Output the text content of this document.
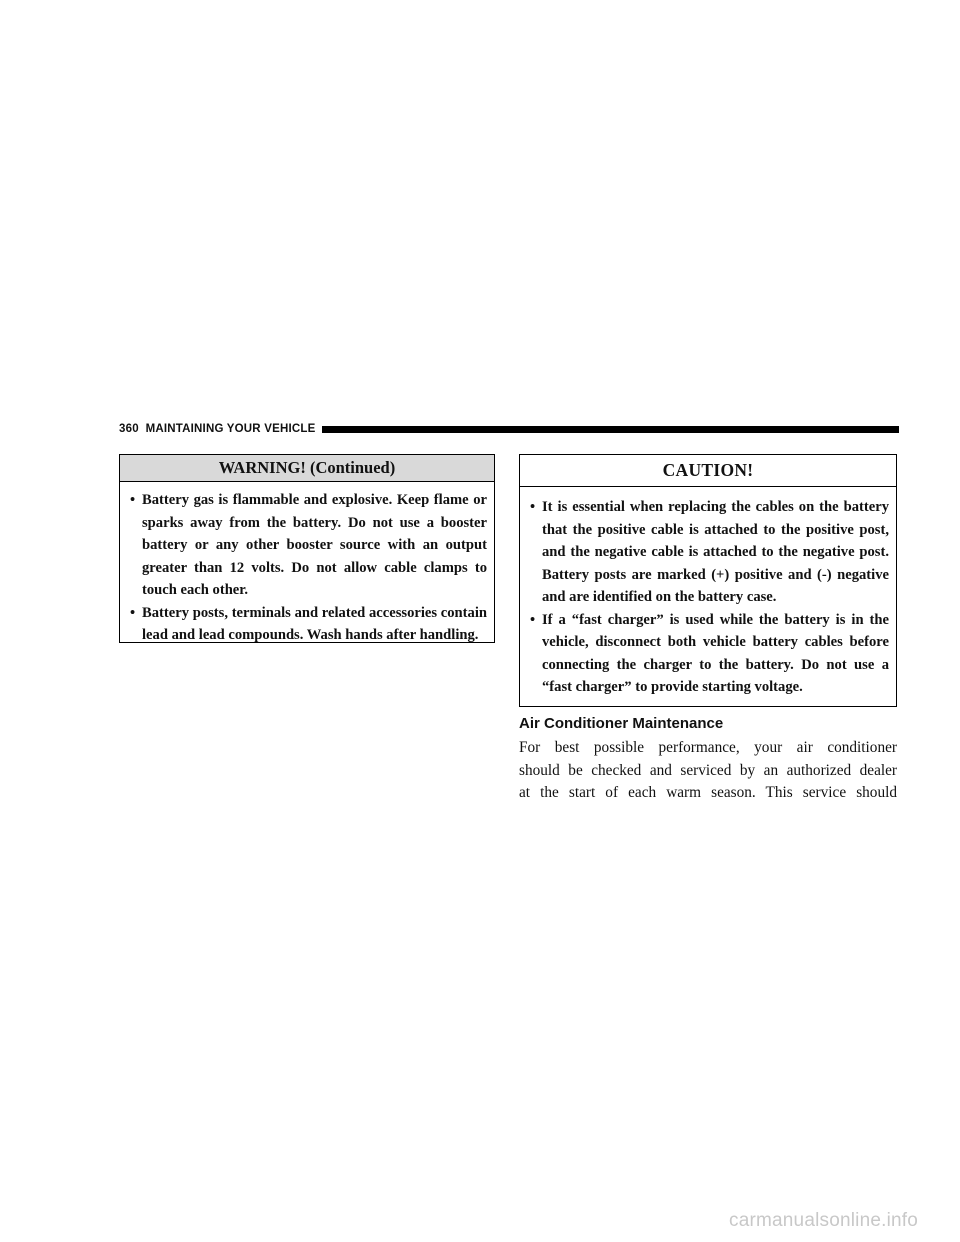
360 MAINTAINING YOUR VEHICLE
WARNING! (Continued)
• Battery gas is flammable and explosive. Keep flame or sparks away from the battery. Do not use a booster battery or any other booster source with an output greater than 12 volts. Do not allow cable clamps to touch each other.
• Battery posts, terminals and related accessories contain lead and lead compounds. Wash hands after handling.
CAUTION!
• It is essential when replacing the cables on the battery that the positive cable is attached to the positive post, and the negative cable is attached to the negative post. Battery posts are marked (+) positive and (-) negative and are identified on the battery case.
• If a “fast charger” is used while the battery is in the vehicle, disconnect both vehicle battery cables before connecting the charger to the battery. Do not use a “fast charger” to provide starting voltage.
Air Conditioner Maintenance
For best possible performance, your air conditioner
should be checked and serviced by an authorized dealer
at the start of each warm season. This service should
carmanualsonline.info
